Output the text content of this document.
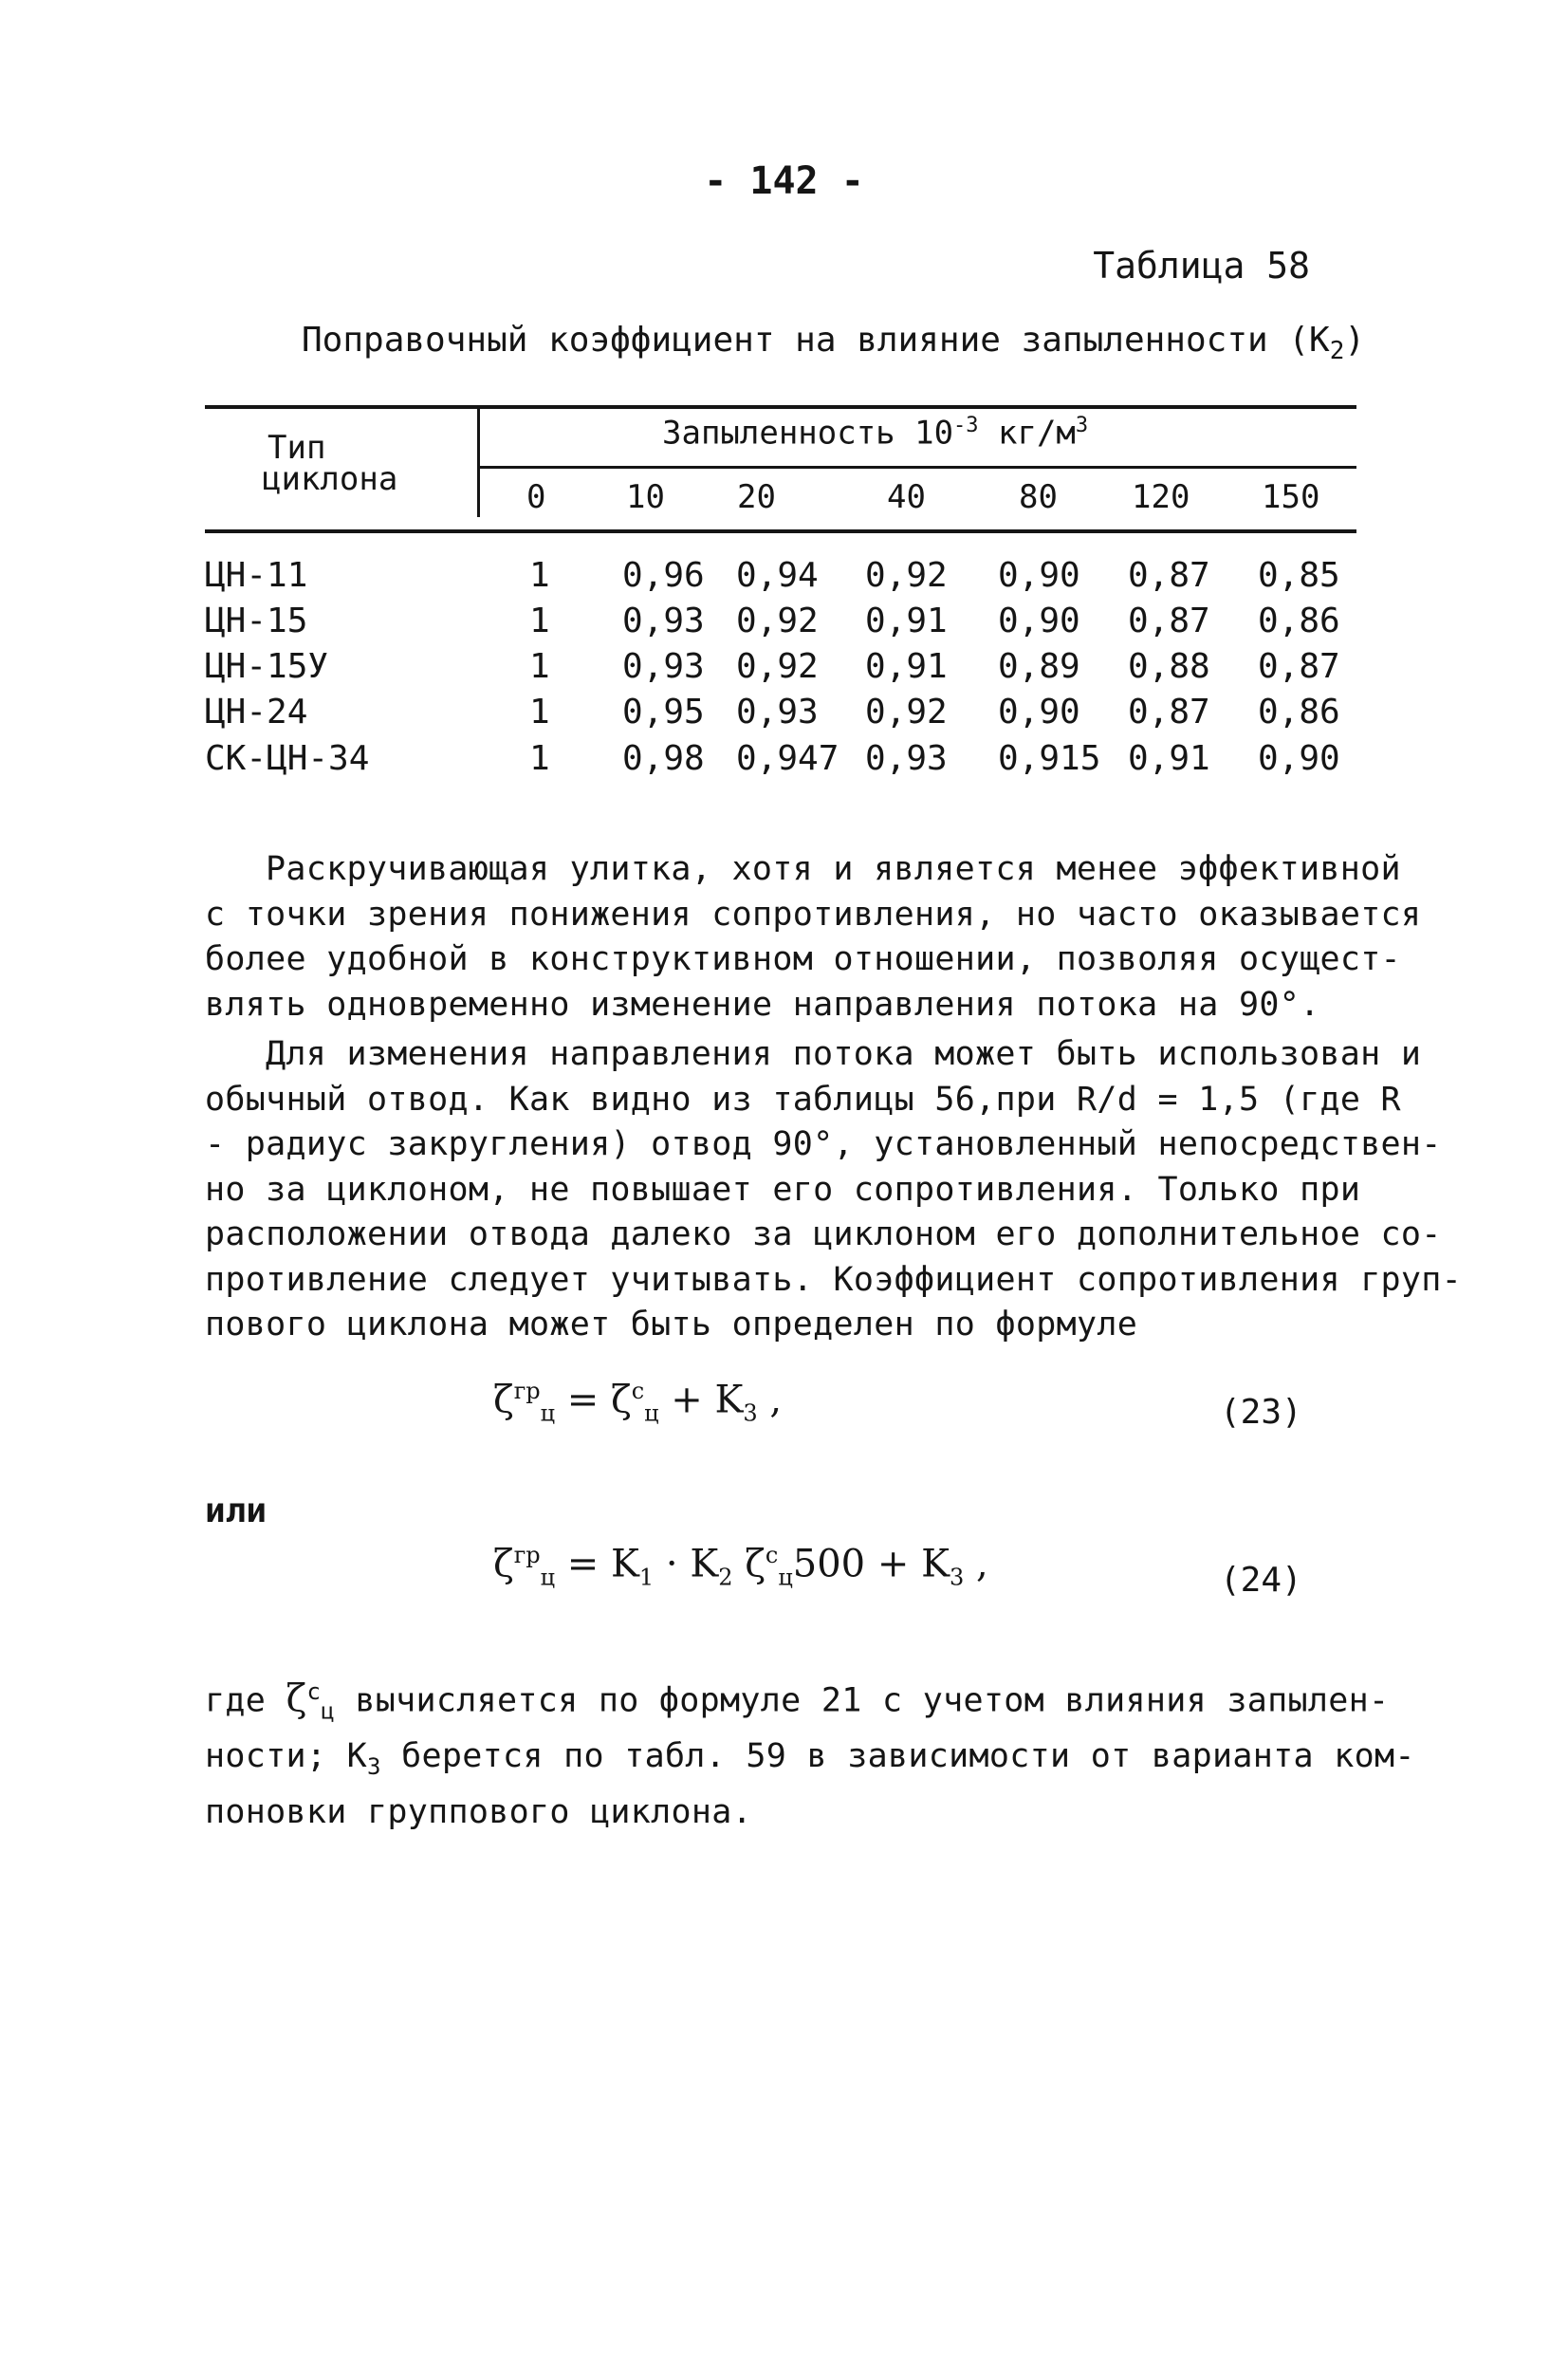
- 142 -
Таблица 58
Поправочный коэффициент на влияние запыленности $(К_2)$
Тип
циклона
Запыленность $10^{-3}$ $кг/м^3$
0 10 20	40	80 120 150
ЦН-11	1 0,96 0,94 0,92 0,90 0,87 0,85
ЦН-15	1 0,93 0,92 0,91 0,90 0,87 0,86
ЦН-15У	1 0,93 0,92 0,91 0,89 0,88 0,87
ЦН-24	1 0,95 0,93 0,92 0,90 0,87 0,86
СК-ЦН-34	1 0,98 0,947 0,93 0,915 0,91 0,90
Раскручивающая улитка, хотя и является менее эффективной
с точки зрения понижения сопротивления, но часто оказывается
более удобной в конструктивном отношении, позволяя осущест-
влять одновременно изменение направления потока на 90°.
Для изменения направления потока может быть использован и
обычный отвод. Как видно из таблицы 56,при R/d = 1,5 (где R
- радиус закругления) отвод 90°, установленный непосредствен-
но за циклоном, не повышает его сопротивления. Только при
расположении отвода далеко за циклоном его дополнительное со-
противление следует учитывать. Коэффициент сопротивления груп-
пового циклона может быть определен по формуле
$\zeta^{гр}_ц = \zeta^с_ц + K_3$ ,	(23)
или
$\zeta^{гр}_ц = K_1 \cdot K_2$ $\zeta^с_ц500 + K_3$ ,	(24)
где $\zeta^с_ц$ вычисляется по формуле 21 с учетом влияния запылен-
ности; $К_3$ берется по табл. 59 в зависимости от варианта ком-
поновки группового циклона.
